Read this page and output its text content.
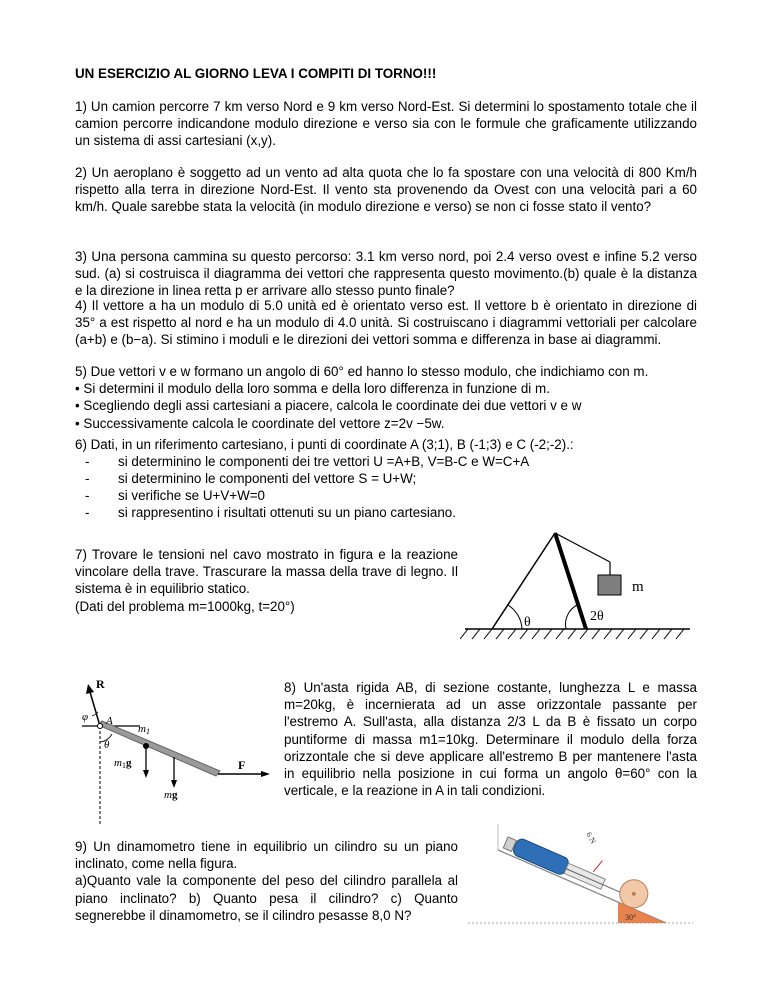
UN ESERCIZIO AL GIORNO LEVA I COMPITI DI TORNO!!!
1) Un camion percorre 7 km verso Nord e 9 km verso Nord-Est. Si determini lo spostamento totale che il camion percorre indicandone modulo direzione e verso sia con le formule che graficamente utilizzando un sistema di assi cartesiani (x,y).
2) Un aeroplano è soggetto ad un vento ad alta quota che lo fa spostare con una velocità di 800 Km/h rispetto alla terra in direzione Nord-Est. Il vento sta provenendo da Ovest con una velocità pari a 60 km/h. Quale sarebbe stata la velocità (in modulo direzione e verso) se non ci fosse stato il vento?
3) Una persona cammina su questo percorso: 3.1 km verso nord, poi 2.4 verso ovest e infine 5.2 verso sud. (a) si costruisca il diagramma dei vettori che rappresenta questo movimento.(b) quale è la distanza e la direzione in linea retta p er arrivare allo stesso punto finale?
4) Il vettore a ha un modulo di 5.0 unità ed è orientato verso est. Il vettore b è orientato in direzione di 35° a est rispetto al nord e ha un modulo di 4.0 unità. Si costruiscano i diagrammi vettoriali per calcolare (a+b) e (b−a). Si stimino i moduli e le direzioni dei vettori somma e differenza in base ai diagrammi.
5) Due vettori v e w formano un angolo di 60° ed hanno lo stesso modulo, che indichiamo con m.
• Si determini il modulo della loro somma e della loro differenza in funzione di m.
• Scegliendo degli assi cartesiani a piacere, calcola le coordinate dei due vettori v e w
• Successivamente calcola le coordinate del vettore z=2v −5w.
6) Dati, in un riferimento cartesiano, i punti di coordinate A (3;1), B (-1;3) e C (-2;-2).:
- si determinino le componenti dei tre vettori U =A+B, V=B-C e W=C+A
- si determinino le componenti del vettore S = U+W;
- si verifiche se U+V+W=0
- si rappresentino i risultati ottenuti su un piano cartesiano.
7) Trovare le tensioni nel cavo mostrato in figura e la reazione vincolare della trave. Trascurare la massa della trave di legno. Il sistema è in equilibrio statico.
(Dati del problema m=1000kg, t=20°)
m
θ	2θ
R
φ A
m1
θ
m1g
mg
F
8) Un'asta rigida AB, di sezione costante, lunghezza L e massa m=20kg, è incernierata ad un asse orizzontale passante per l'estremo A. Sull'asta, alla distanza 2/3 L da B è fissato un corpo puntiforme di massa m1=10kg. Determinare il modulo della forza orizzontale che si deve applicare all'estremo B per mantenere l'asta in equilibrio nella posizione in cui forma un angolo θ=60° con la verticale, e la reazione in A in tali condizioni.
9) Un dinamometro tiene in equilibrio un cilindro su un piano inclinato, come nella figura.
a)Quanto vale la componente del peso del cilindro parallela al piano inclinato? b) Quanto pesa il cilindro? c) Quanto segnerebbe il dinamometro, se il cilindro pesasse 8,0 N?
6 N
30°
